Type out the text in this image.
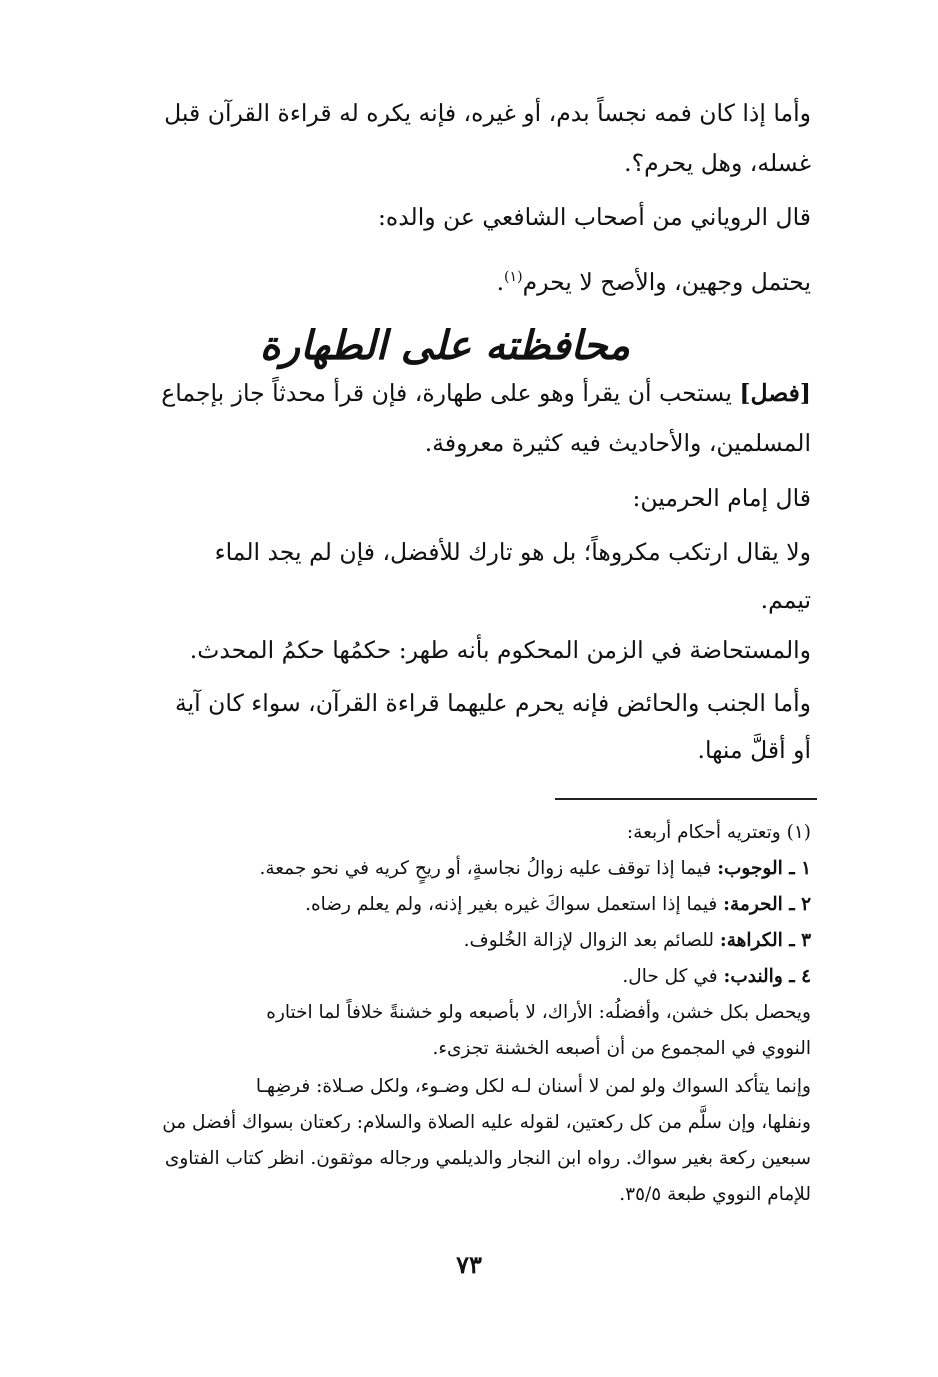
وأما إذا كان فمه نجساً بدم، أو غيره، فإنه يكره له قراءة القرآن قبل
غسله، وهل يحرم؟.
قال الروياني من أصحاب الشافعي عن والده:
يحتمل وجهين، والأصح لا يحرم$^{(١)}$.
محافظته على الطهارة
[فصل] يستحب أن يقرأ وهو على طهارة، فإن قرأ محدثاً جاز بإجماع
المسلمين، والأحاديث فيه كثيرة معروفة.
قال إمام الحرمين:
ولا يقال ارتكب مكروهاً؛ بل هو تارك للأفضل، فإن لم يجد الماء
تيمم.
والمستحاضة في الزمن المحكوم بأنه طهر: حكمُها حكمُ المحدث.
وأما الجنب والحائض فإنه يحرم عليهما قراءة القرآن، سواء كان آية
أو أقلَّ منها.
(١) وتعتريه أحكام أربعة:
١ ـ الوجوب: فيما إذا توقف عليه زوالُ نجاسةٍ، أو ريحٍ كريه في نحو جمعة.
٢ ـ الحرمة: فيما إذا استعمل سواكَ غيره بغير إذنه، ولم يعلم رضاه.
٣ ـ الكراهة: للصائم بعد الزوال لإزالة الخُلوف.
٤ ـ والندب: في كل حال.
ويحصل بكل خشن، وأفضلُه: الأراك، لا بأصبعه ولو خشنةً خلافاً لما اختاره
النووي في المجموع من أن أصبعه الخشنة تجزىء.
وإنما يتأكد السواك ولو لمن لا أسنان لـه لكل وضـوء، ولكل صـلاة: فرضِهـا
ونفلها، وإن سلَّم من كل ركعتين، لقوله عليه الصلاة والسلام: ركعتان بسواك أفضل من
سبعين ركعة بغير سواك. رواه ابن النجار والديلمي ورجاله موثقون. انظر كتاب الفتاوى
للإمام النووي طبعة ٣٥/٥.
٧٣
